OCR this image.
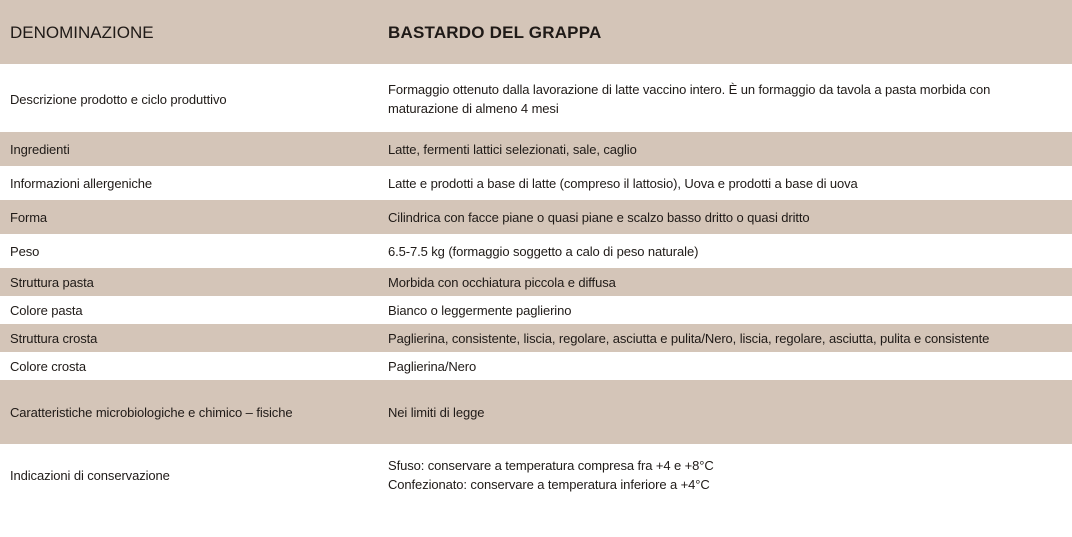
DENOMINAZIONE	BASTARDO DEL GRAPPA

Descrizione prodotto e ciclo produttivo	Formaggio ottenuto dalla lavorazione di latte vaccino intero. È un formaggio da tavola a pasta morbida con
maturazione di almeno 4 mesi

Ingredienti	Latte, fermenti lattici selezionati, sale, caglio
Informazioni allergeniche	Latte e prodotti a base di latte (compreso il lattosio), Uova e prodotti a base di uova
Forma	Cilindrica con facce piane o quasi piane e scalzo basso dritto o quasi dritto
Peso	6.5-7.5 kg (formaggio soggetto a calo di peso naturale)
Struttura pasta	Morbida con occhiatura piccola e diffusa
Colore pasta	Bianco o leggermente paglierino
Struttura crosta	Paglierina, consistente, liscia, regolare, asciutta e pulita/Nero, liscia, regolare, asciutta, pulita e consistente
Colore crosta	Paglierina/Nero
Caratteristiche microbiologiche e chimico – fisiche	Nei limiti di legge
Indicazioni di conservazione	Sfuso: conservare a temperatura compresa fra +4 e +8°C
Confezionato: conservare a temperatura inferiore a +4°C
